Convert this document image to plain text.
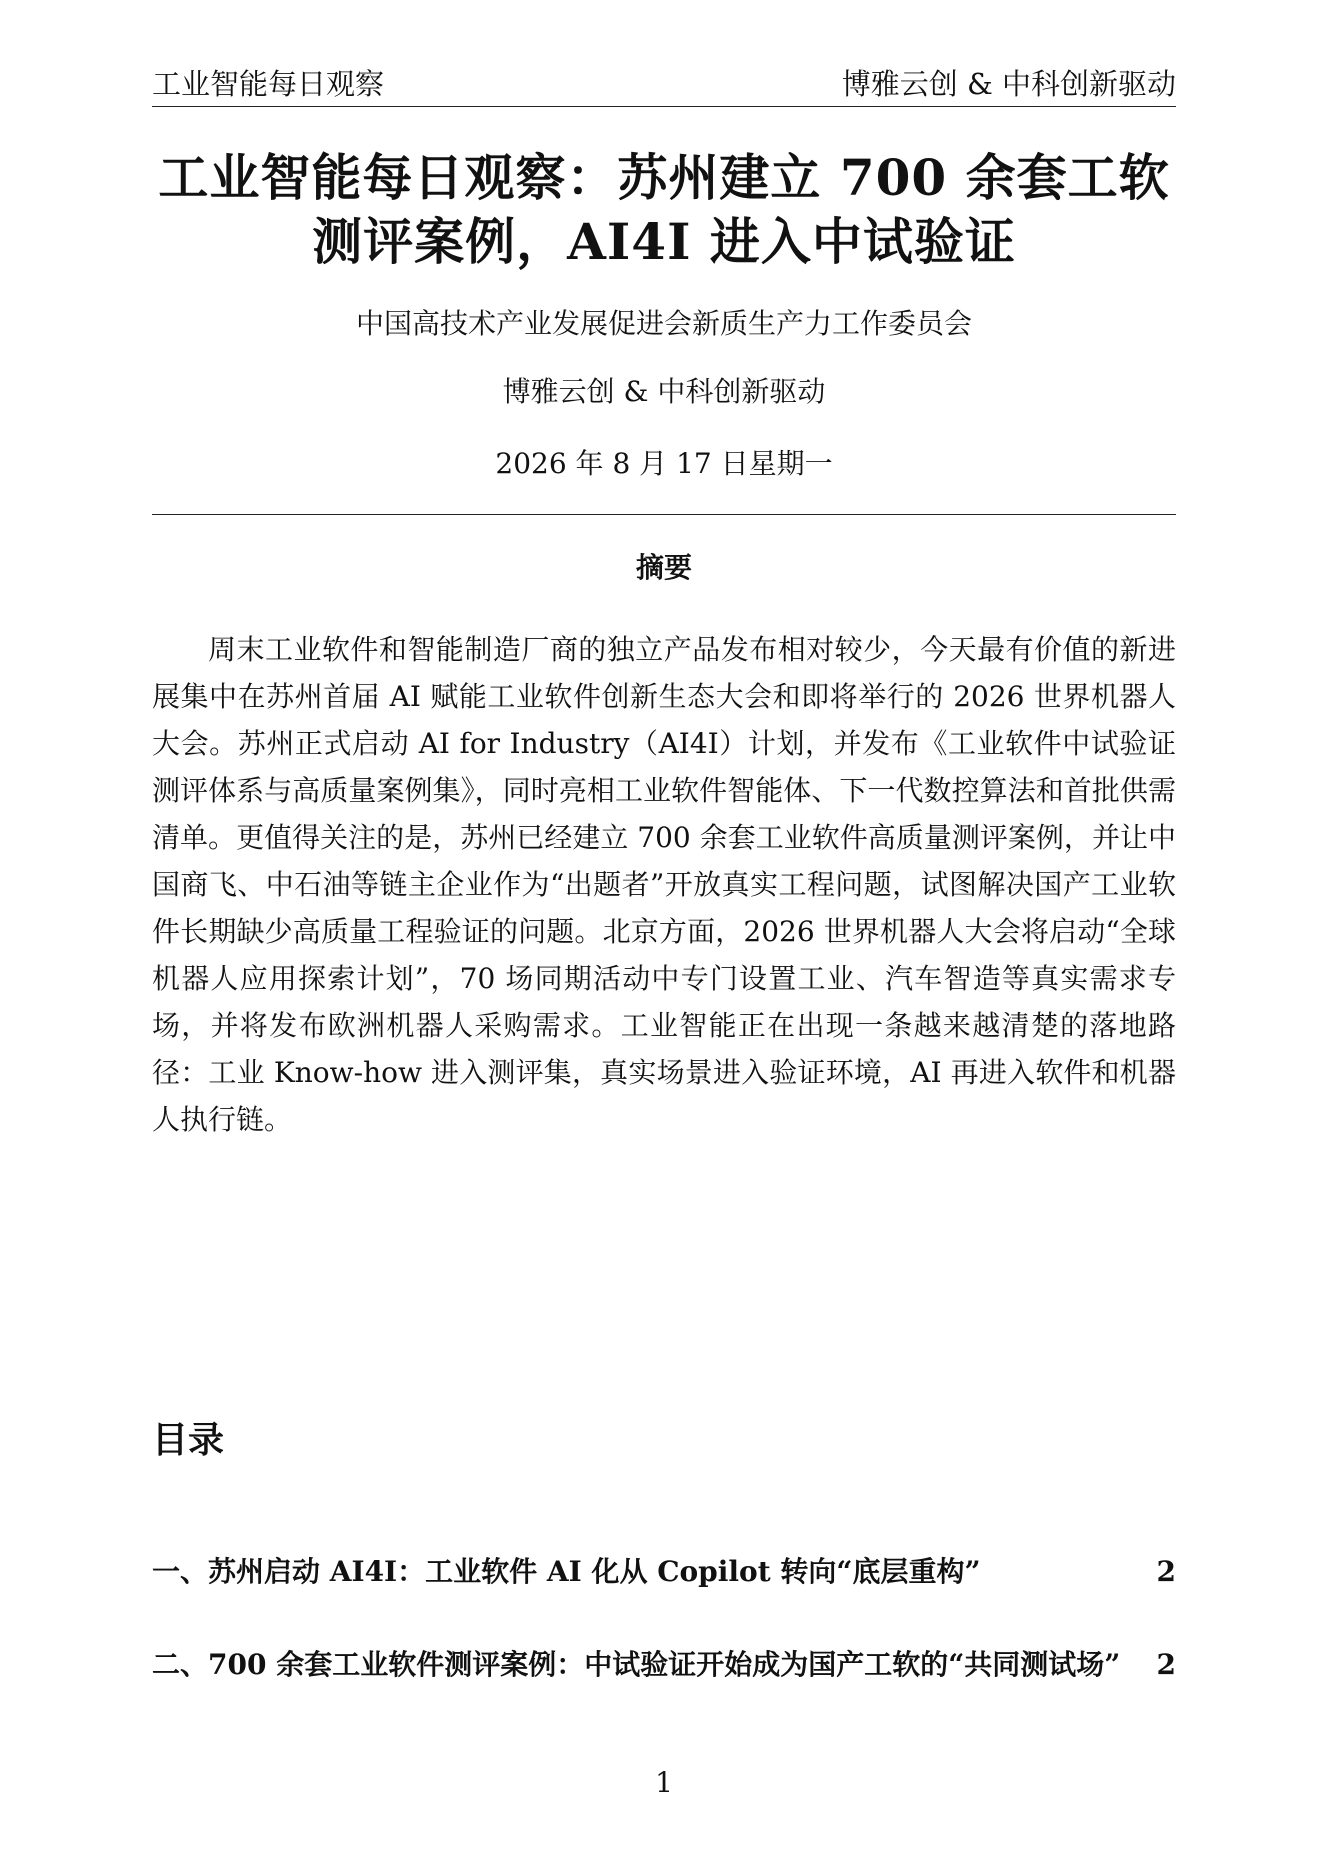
工业智能每日观察	博雅云创 & 中科创新驱动
工业智能每日观察：苏州建立 700 余套工软测评案例，AI4I 进入中试验证
中国高技术产业发展促进会新质生产力工作委员会
博雅云创 & 中科创新驱动
2026 年 8 月 17 日星期一
摘要

周末工业软件和智能制造厂商的独立产品发布相对较少，今天最有价值的新进展集中在苏州首届 AI 赋能工业软件创新生态大会和即将举行的 2026 世界机器人大会。苏州正式启动 AI for Industry（AI4I）计划，并发布《工业软件中试验证测评体系与高质量案例集》，同时亮相工业软件智能体、下一代数控算法和首批供需清单。更值得关注的是，苏州已经建立 700 余套工业软件高质量测评案例，并让中国商飞、中石油等链主企业作为“出题者”开放真实工程问题，试图解决国产工业软件长期缺少高质量工程验证的问题。北京方面，2026 世界机器人大会将启动“全球机器人应用探索计划”，70 场同期活动中专门设置工业、汽车智造等真实需求专场，并将发布欧洲机器人采购需求。工业智能正在出现一条越来越清楚的落地路径：工业 Know-how 进入测评集，真实场景进入验证环境，AI 再进入软件和机器人执行链。

目录
一、苏州启动 AI4I：工业软件 AI 化从 Copilot 转向“底层重构”	2
二、700 余套工业软件测评案例：中试验证开始成为国产工软的“共同测试场”	2
1
